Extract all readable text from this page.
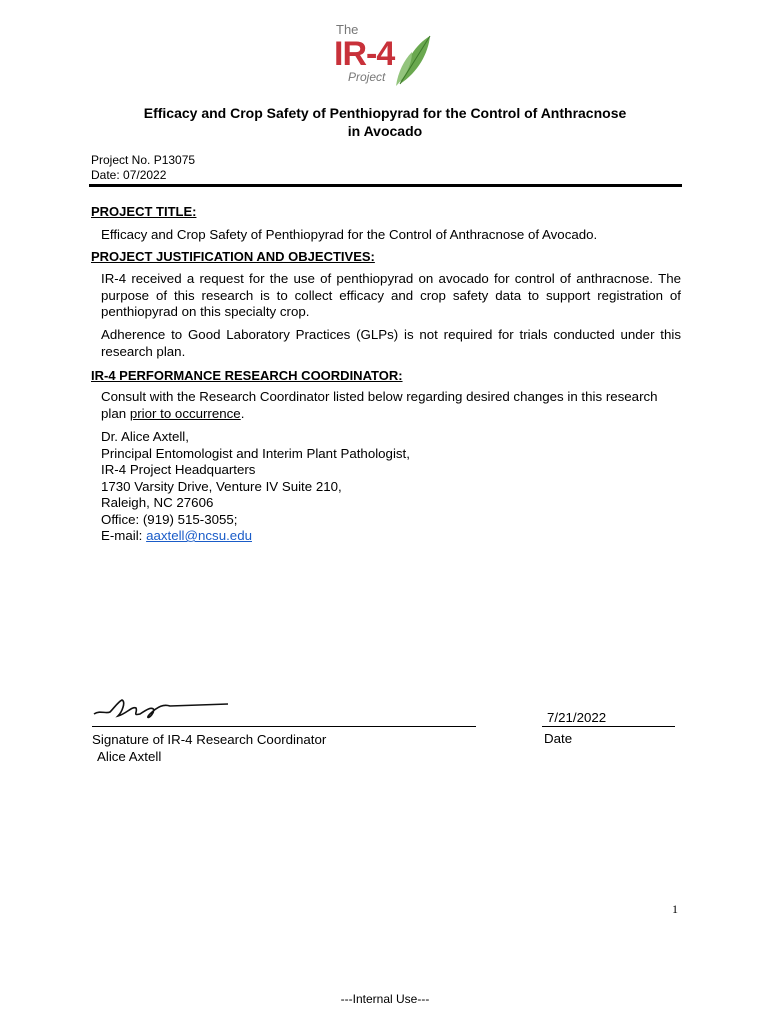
The
IR-4
Project
Efficacy and Crop Safety of Penthiopyrad for the Control of Anthracnose
in Avocado
Project No. P13075
Date: 07/2022
PROJECT TITLE:
Efficacy and Crop Safety of Penthiopyrad for the Control of Anthracnose of Avocado.
PROJECT JUSTIFICATION AND OBJECTIVES:
IR-4 received a request for the use of penthiopyrad on avocado for control of anthracnose. The purpose of this research is to collect efficacy and crop safety data to support registration of penthiopyrad on this specialty crop.
Adherence to Good Laboratory Practices (GLPs) is not required for trials conducted under this research plan.
IR-4 PERFORMANCE RESEARCH COORDINATOR:
Consult with the Research Coordinator listed below regarding desired changes in this research plan prior to occurrence.
Dr. Alice Axtell,
Principal Entomologist and Interim Plant Pathologist,
IR-4 Project Headquarters
1730 Varsity Drive, Venture IV Suite 210,
Raleigh, NC 27606
Office: (919) 515-3055;
E-mail: aaxtell@ncsu.edu
7/21/2022
Signature of IR-4 Research Coordinator
Alice Axtell
Date
1
---Internal Use---
